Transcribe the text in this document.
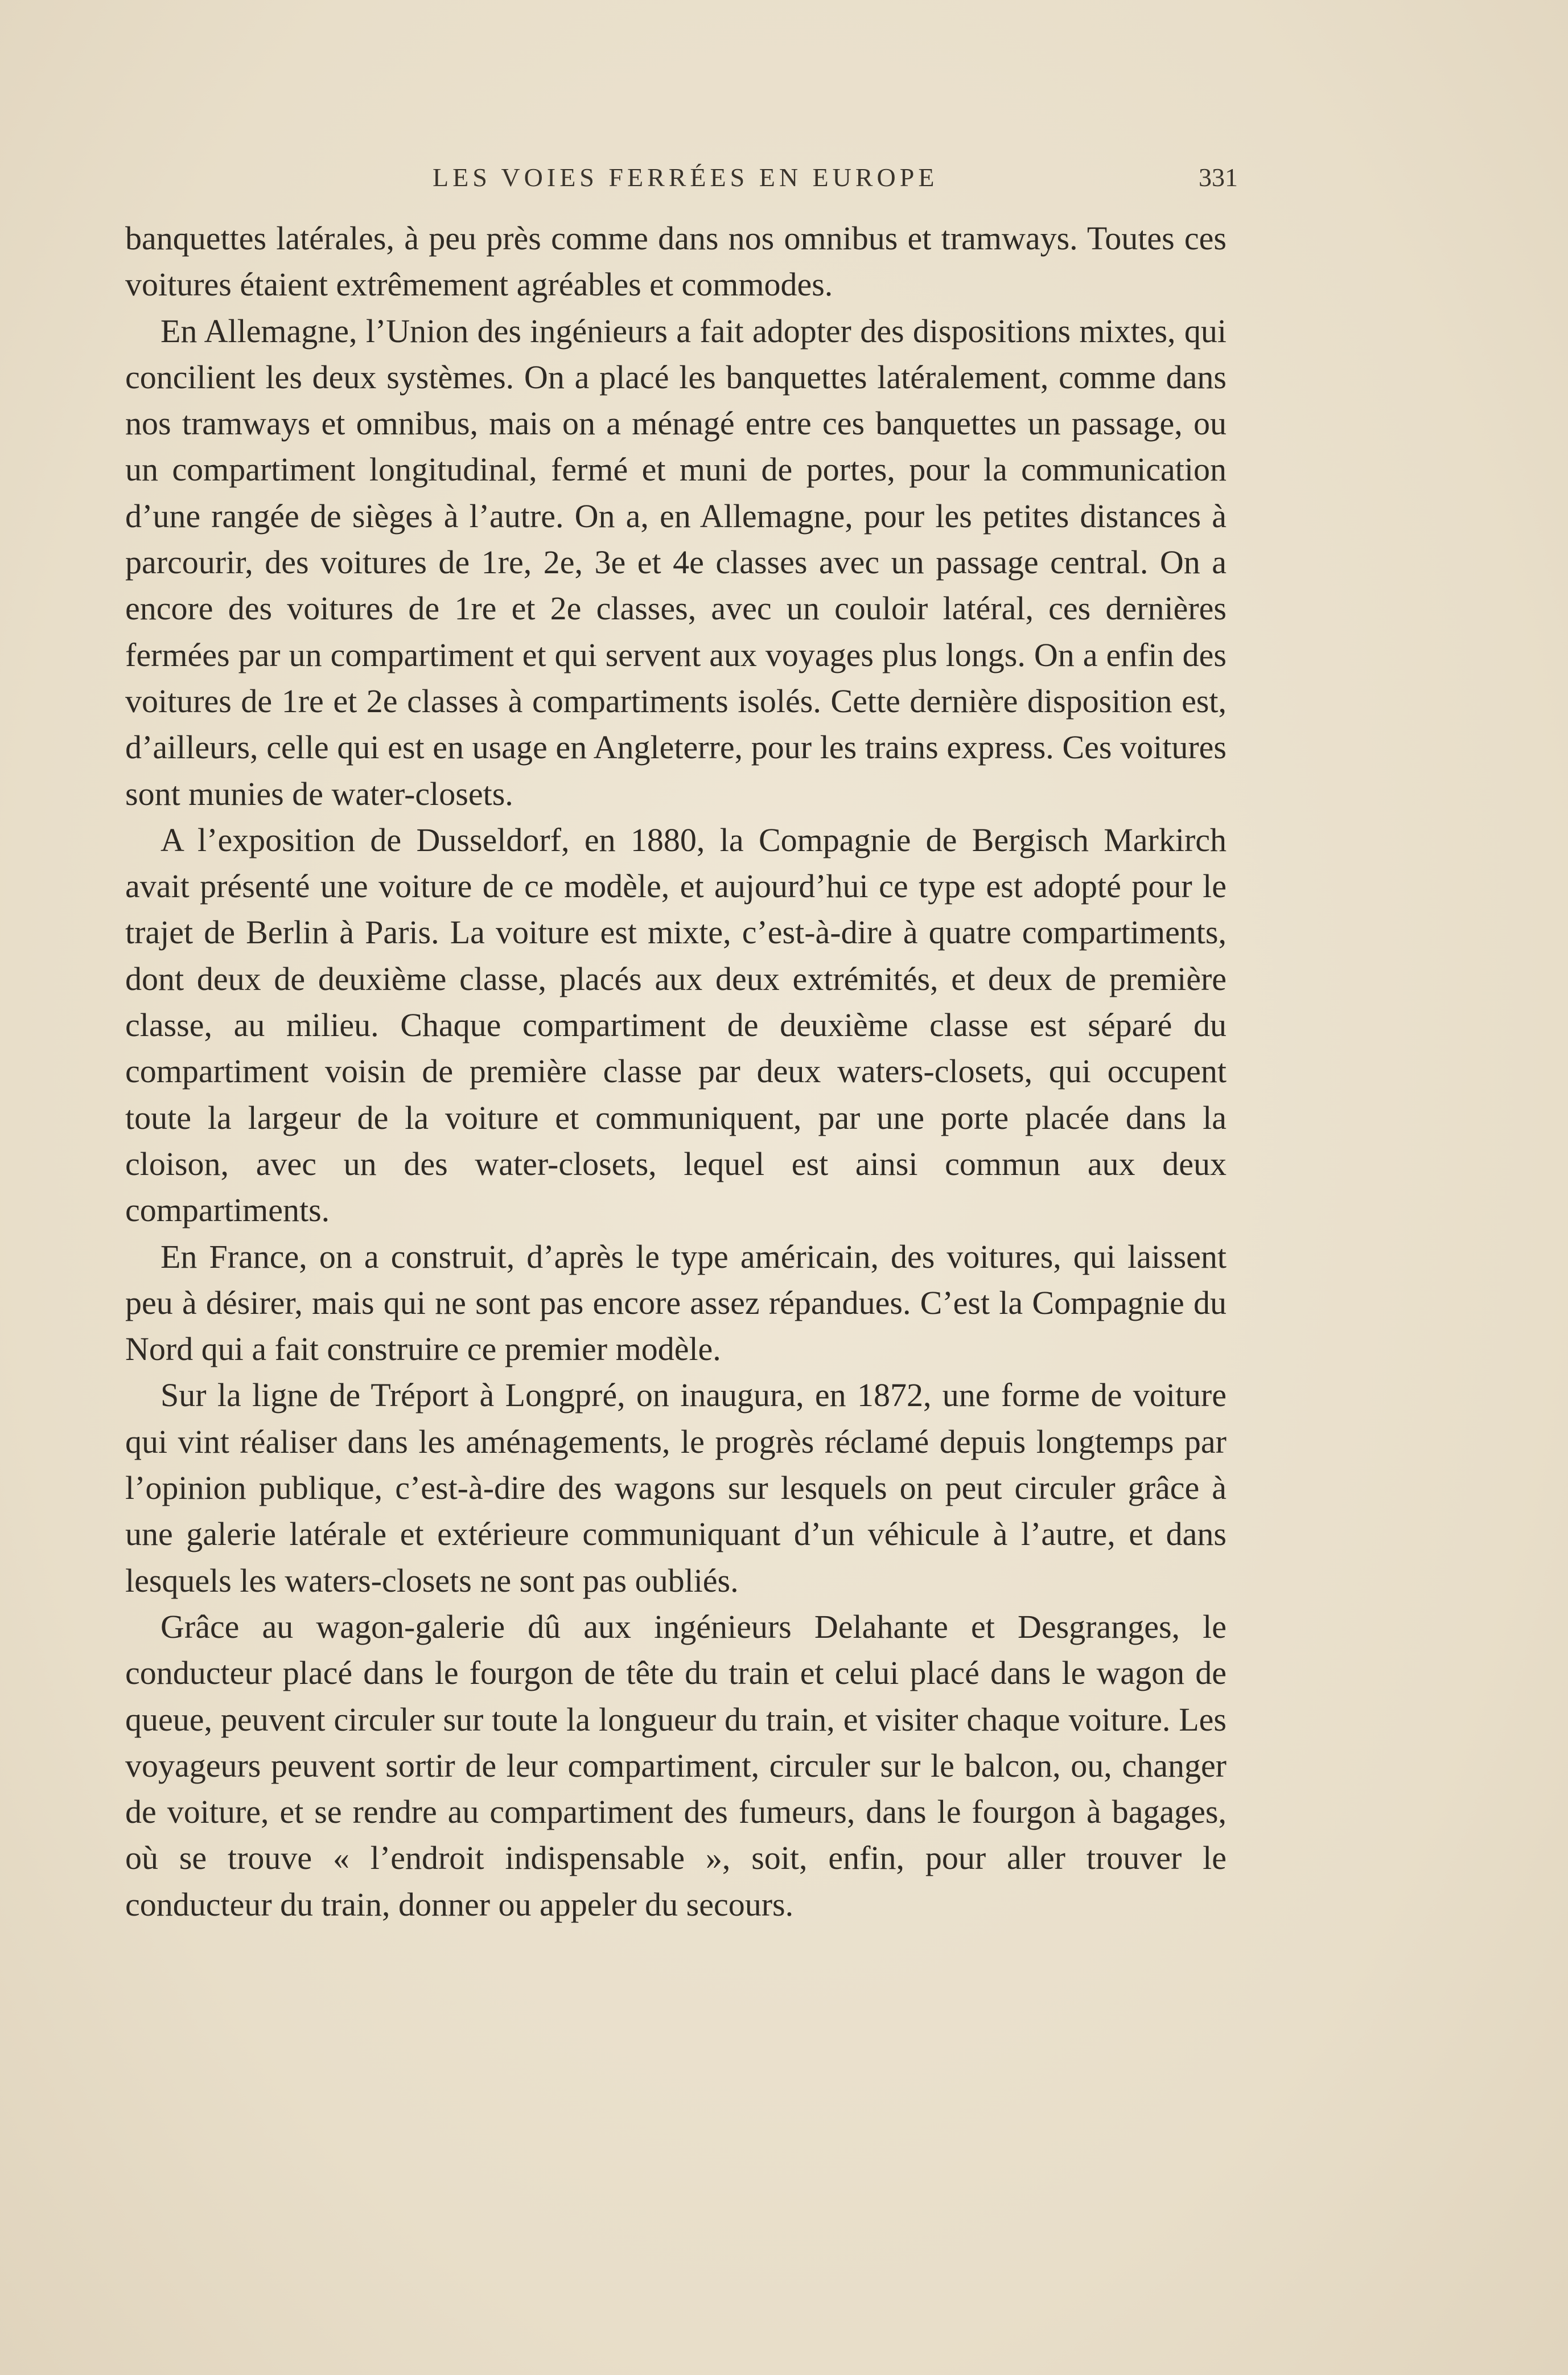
LES VOIES FERRÉES EN EUROPE	331

banquettes latérales, à peu près comme dans nos omnibus et tramways. Toutes ces voitures étaient extrêmement agréables et commodes.

En Allemagne, l’Union des ingénieurs a fait adopter des dispositions mixtes, qui concilient les deux systèmes. On a placé les banquettes latéralement, comme dans nos tramways et omnibus, mais on a ménagé entre ces banquettes un passage, ou un compartiment longitudinal, fermé et muni de portes, pour la communication d’une rangée de sièges à l’autre. On a, en Allemagne, pour les petites distances à parcourir, des voitures de 1re, 2e, 3e et 4e classes avec un passage central. On a encore des voitures de 1re et 2e classes, avec un couloir latéral, ces dernières fermées par un compartiment et qui servent aux voyages plus longs. On a enfin des voitures de 1re et 2e classes à compartiments isolés. Cette dernière disposition est, d’ailleurs, celle qui est en usage en Angleterre, pour les trains express. Ces voitures sont munies de water-closets.

A l’exposition de Dusseldorf, en 1880, la Compagnie de Bergisch Markirch avait présenté une voiture de ce modèle, et aujourd’hui ce type est adopté pour le trajet de Berlin à Paris. La voiture est mixte, c’est-à-dire à quatre compartiments, dont deux de deuxième classe, placés aux deux extrémités, et deux de première classe, au milieu. Chaque compartiment de deuxième classe est séparé du compartiment voisin de première classe par deux waters-closets, qui occupent toute la largeur de la voiture et communiquent, par une porte placée dans la cloison, avec un des water-closets, lequel est ainsi commun aux deux compartiments.

En France, on a construit, d’après le type américain, des voitures, qui laissent peu à désirer, mais qui ne sont pas encore assez répandues. C’est la Compagnie du Nord qui a fait construire ce premier modèle.

Sur la ligne de Tréport à Longpré, on inaugura, en 1872, une forme de voiture qui vint réaliser dans les aménagements, le progrès réclamé depuis longtemps par l’opinion publique, c’est-à-dire des wagons sur lesquels on peut circuler grâce à une galerie latérale et extérieure communiquant d’un véhicule à l’autre, et dans lesquels les waters-closets ne sont pas oubliés.

Grâce au wagon-galerie dû aux ingénieurs Delahante et Desgranges, le conducteur placé dans le fourgon de tête du train et celui placé dans le wagon de queue, peuvent circuler sur toute la longueur du train, et visiter chaque voiture. Les voyageurs peuvent sortir de leur compartiment, circuler sur le balcon, ou, changer de voiture, et se rendre au compartiment des fumeurs, dans le fourgon à bagages, où se trouve « l’endroit indispensable », soit, enfin, pour aller trouver le conducteur du train, donner ou appeler du secours.
